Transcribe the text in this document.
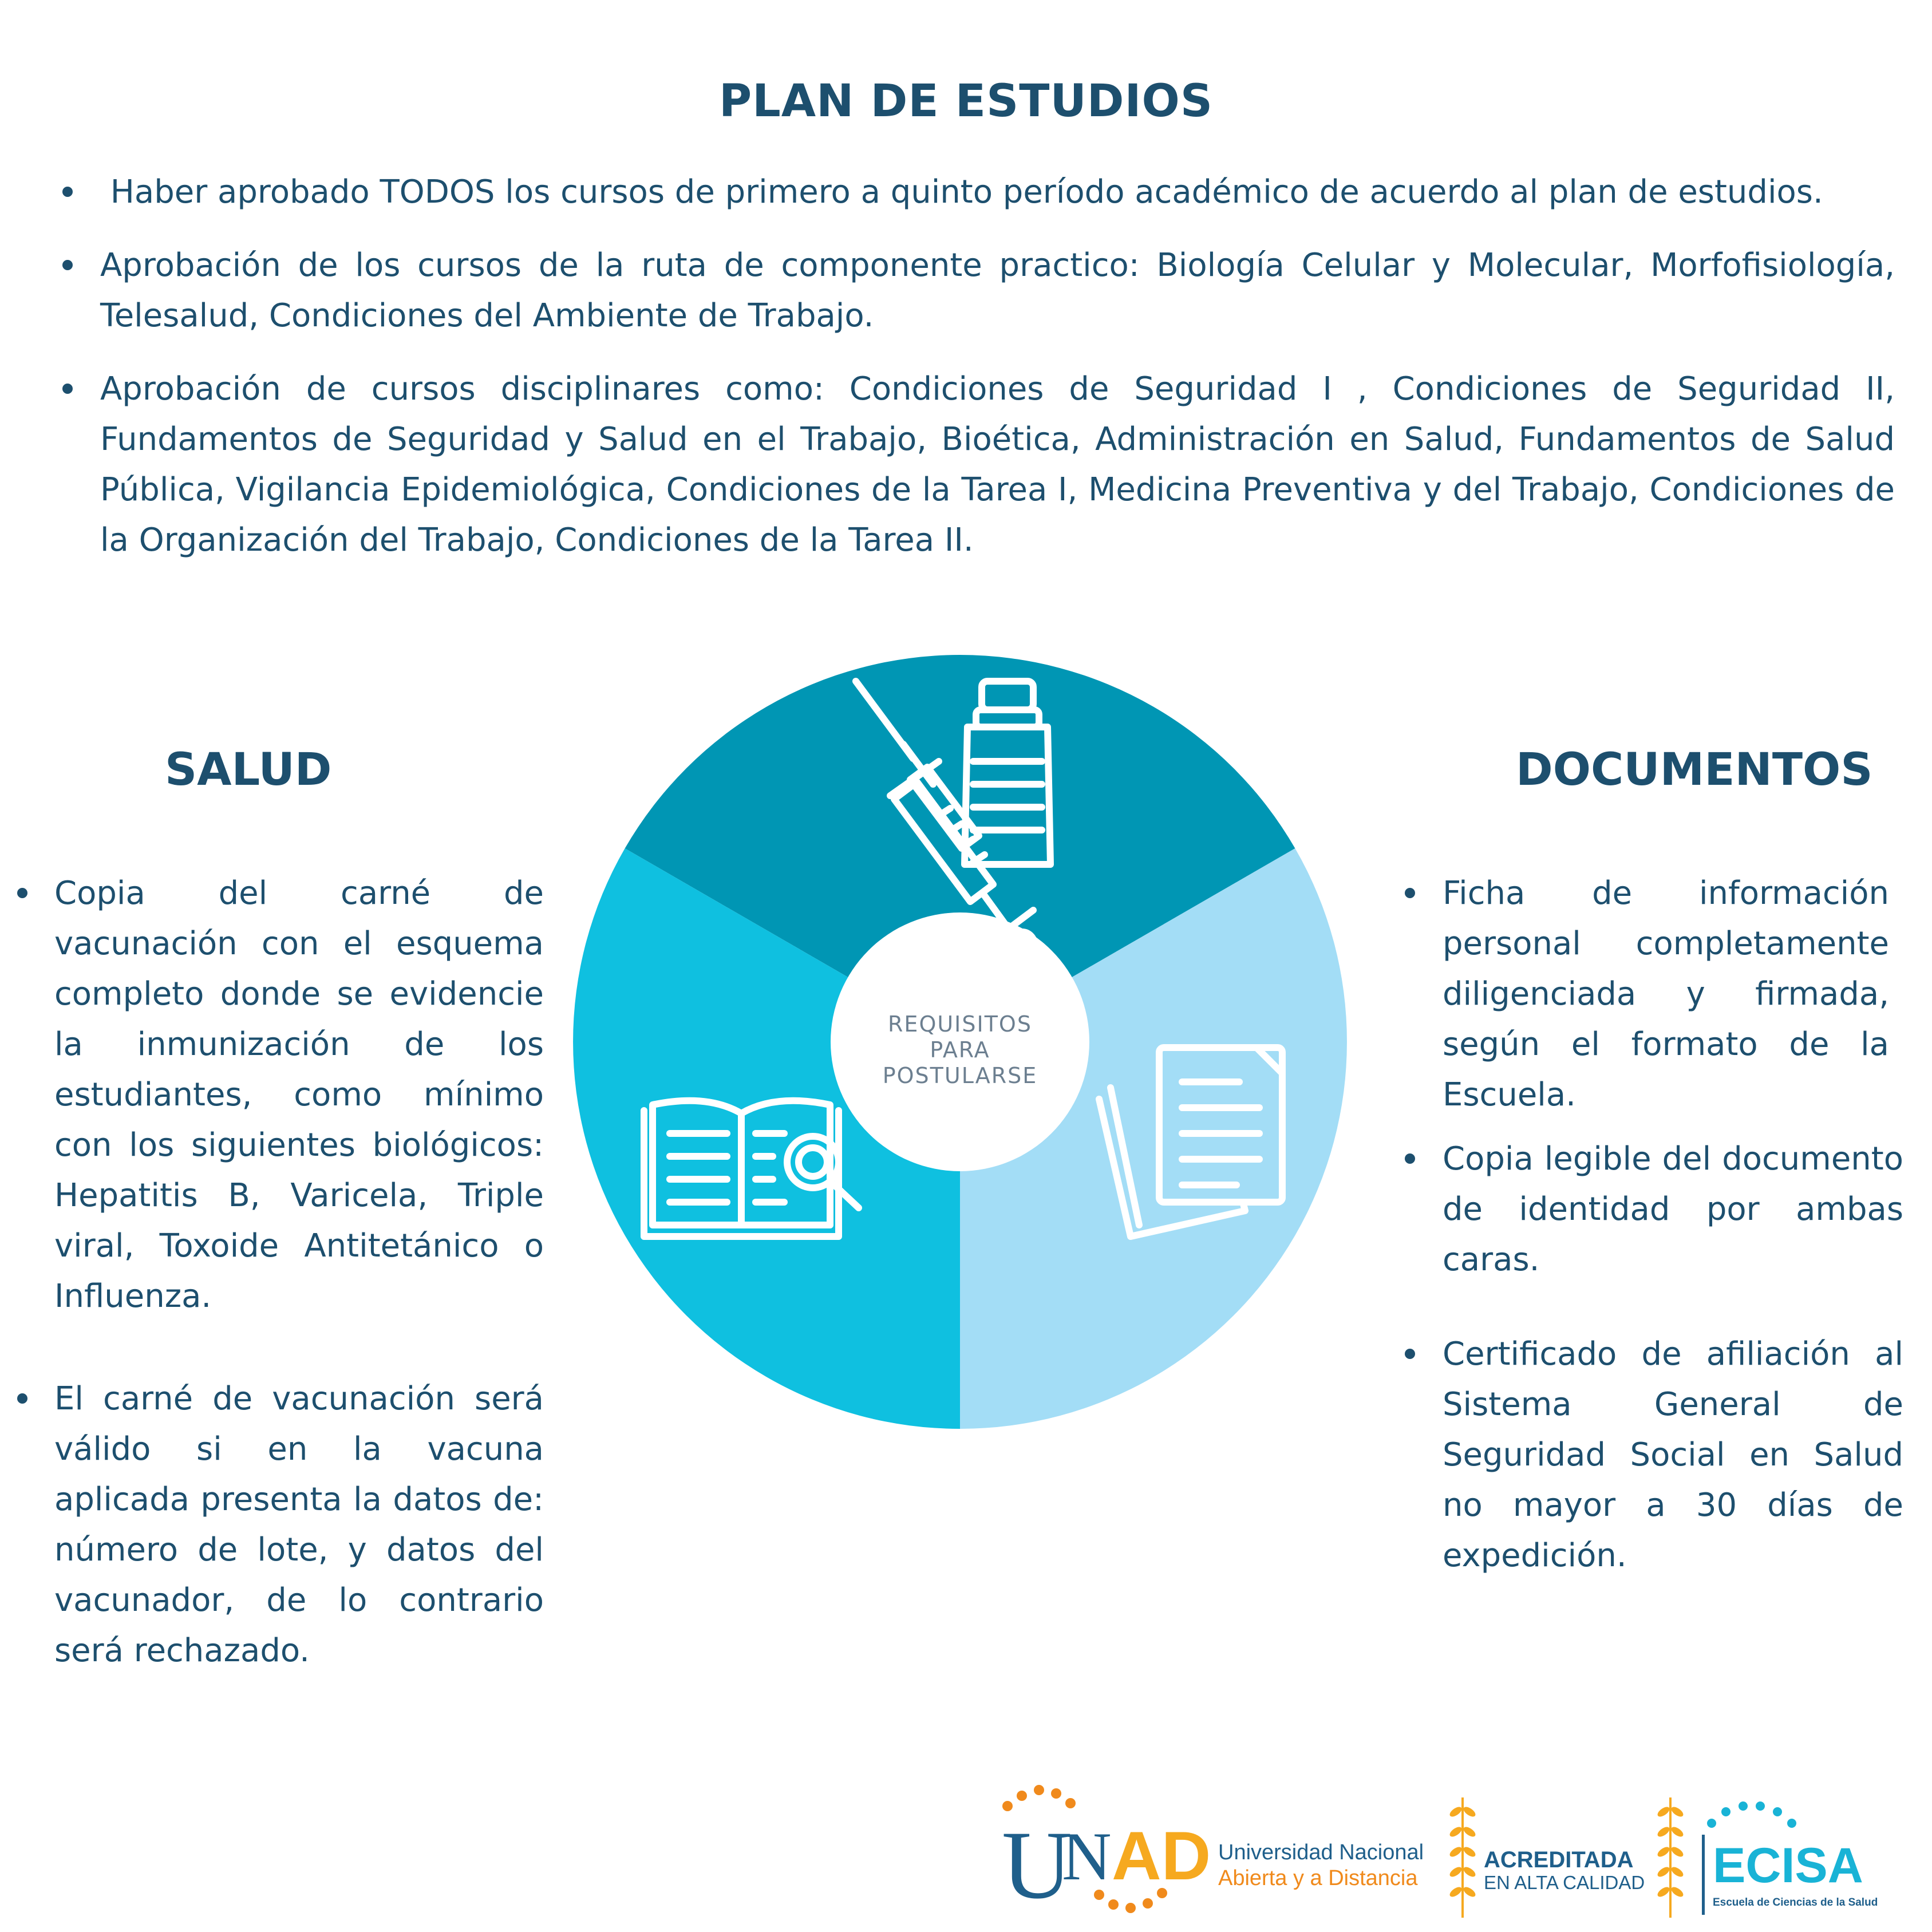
PLAN DE ESTUDIOS
Haber aprobado TODOS los cursos de primero a quinto período académico de acuerdo al plan de estudios.
Aprobación de los cursos de la ruta de componente practico: Biología Celular y Molecular, Morfofisiología, Telesalud, Condiciones del Ambiente de Trabajo.
Aprobación de cursos disciplinares como: Condiciones de Seguridad I , Condiciones de Seguridad II, Fundamentos de Seguridad y Salud en el Trabajo, Bioética, Administración en Salud, Fundamentos de Salud Pública, Vigilancia Epidemiológica, Condiciones de la Tarea I, Medicina Preventiva y del Trabajo, Condiciones de la Organización del Trabajo, Condiciones de la Tarea II.
SALUD	DOCUMENTOS
Copia del carné de vacunación con el esquema completo donde se evidencie la inmunización de los estudiantes, como mínimo con los siguientes biológicos: Hepatitis B, Varicela, Triple viral, Toxoide Antitetánico o Influenza.
El carné de vacunación será válido si en la vacuna aplicada presenta la datos de: número de lote, y datos del vacunador, de lo contrario será rechazado.
Ficha de información personal completamente diligenciada y firmada, según el formato de la Escuela.
Copia legible del documento de identidad por ambas caras.
Certificado de afiliación al Sistema General de Seguridad Social en Salud no mayor a 30 días de expedición.
REQUISITOS
PARA
POSTULARSE
U
N AD Universidad Nacional
Abierta y a Distancia
ACREDITADA
EN ALTA CALIDAD ECISA
Escuela de Ciencias de la Salud
